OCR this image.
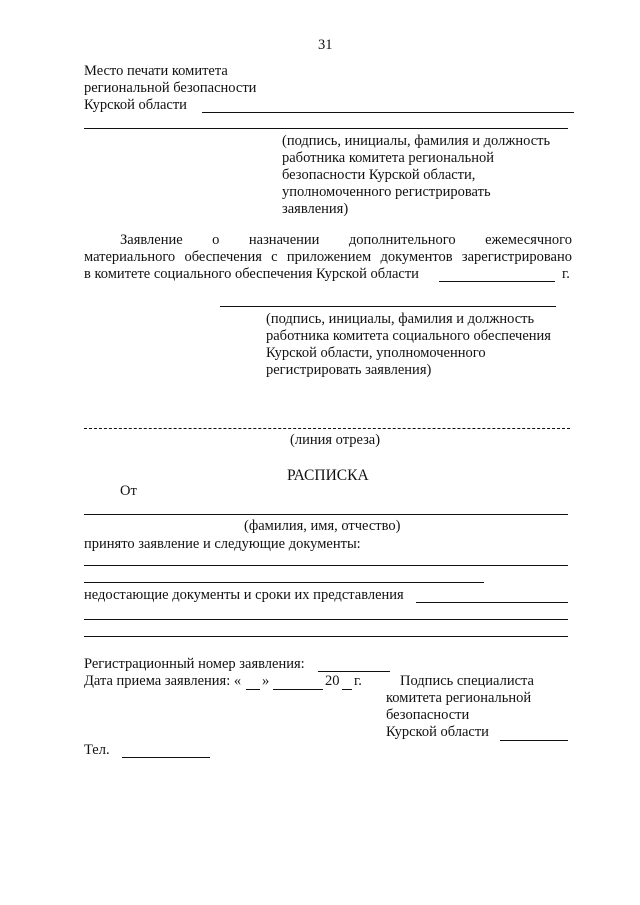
31
Место печати комитета
региональной безопасности
Курской области
(подпись, инициалы, фамилия и должность
работника комитета региональной
безопасности Курской области,
уполномоченного регистрировать
заявления)
Заявление о назначении дополнительного ежемесячного
материального обеспечения с приложением документов зарегистрировано
в комитете социального обеспечения Курской области	г.
(подпись, инициалы, фамилия и должность
работника комитета социального обеспечения
Курской области, уполномоченного
регистрировать заявления)
(линия отреза)
РАСПИСКА
От
(фамилия, имя, отчество)
принято заявление и следующие документы:
недостающие документы и сроки их представления
Регистрационный номер заявления:
Дата приема заявления: « »	20 г.	Подпись специалиста
комитета региональной
безопасности
Курской области
Тел.
